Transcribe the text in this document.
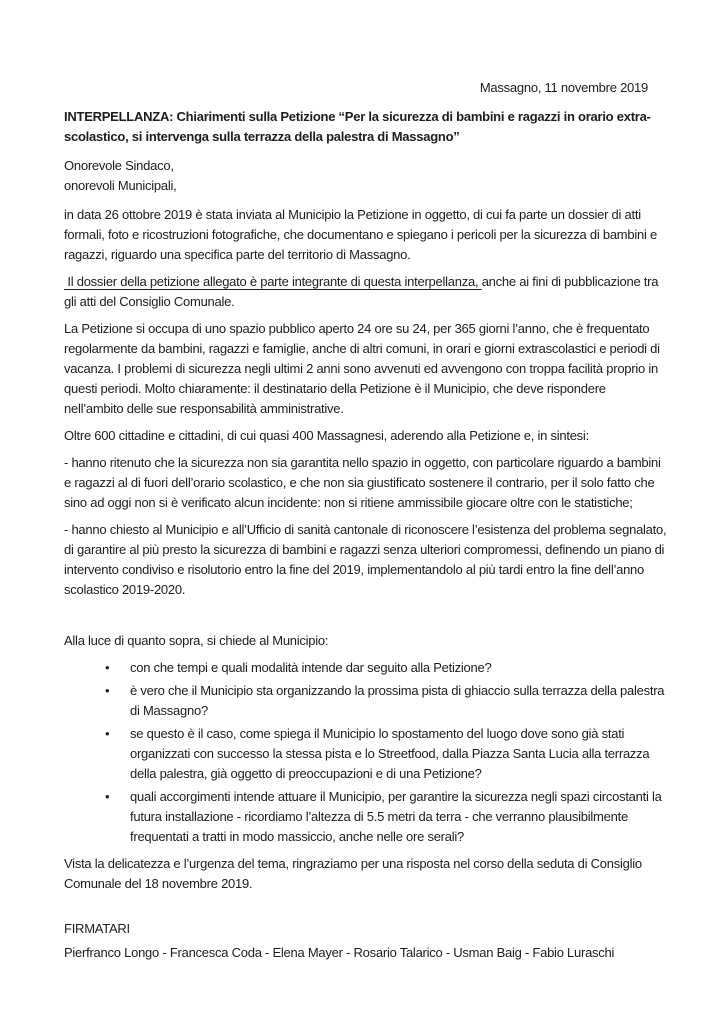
Massagno, 11 novembre 2019

INTERPELLANZA: Chiarimenti sulla Petizione “Per la sicurezza di bambini e ragazzi in orario extra-scolastico, si intervenga sulla terrazza della palestra di Massagno”

Onorevole Sindaco,

onorevoli Municipali,

in data 26 ottobre 2019 è stata inviata al Municipio la Petizione in oggetto, di cui fa parte un dossier di atti formali, foto e ricostruzioni fotografiche, che documentano e spiegano i pericoli per la sicurezza di bambini e ragazzi, riguardo una specifica parte del territorio di Massagno.

Il dossier della petizione allegato è parte integrante di questa interpellanza, anche ai fini di pubblicazione tra gli atti del Consiglio Comunale.

La Petizione si occupa di uno spazio pubblico aperto 24 ore su 24, per 365 giorni l’anno, che è frequentato regolarmente da bambini, ragazzi e famiglie, anche di altri comuni, in orari e giorni extrascolastici e periodi di vacanza. I problemi di sicurezza negli ultimi 2 anni sono avvenuti ed avvengono con troppa facilità proprio in questi periodi. Molto chiaramente: il destinatario della Petizione è il Municipio, che deve rispondere nell’ambito delle sue responsabilità amministrative.

Oltre 600 cittadine e cittadini, di cui quasi 400 Massagnesi, aderendo alla Petizione e, in sintesi:

- hanno ritenuto che la sicurezza non sia garantita nello spazio in oggetto, con particolare riguardo a bambini e ragazzi al di fuori dell’orario scolastico, e che non sia giustificato sostenere il contrario, per il solo fatto che sino ad oggi non si è verificato alcun incidente: non si ritiene ammissibile giocare oltre con le statistiche;

- hanno chiesto al Municipio e all’Ufficio di sanità cantonale di riconoscere l’esistenza del problema segnalato, di garantire al più presto la sicurezza di bambini e ragazzi senza ulteriori compromessi, definendo un piano di intervento condiviso e risolutorio entro la fine del 2019, implementandolo al più tardi entro la fine dell’anno scolastico 2019-2020.

Alla luce di quanto sopra, si chiede al Municipio:

• con che tempi e quali modalità intende dar seguito alla Petizione?
• è vero che il Municipio sta organizzando la prossima pista di ghiaccio sulla terrazza della palestra di Massagno?
• se questo è il caso, come spiega il Municipio lo spostamento del luogo dove sono già stati organizzati con successo la stessa pista e lo Streetfood, dalla Piazza Santa Lucia alla terrazza della palestra, già oggetto di preoccupazioni e di una Petizione?
• quali accorgimenti intende attuare il Municipio, per garantire la sicurezza negli spazi circostanti la futura installazione - ricordiamo l’altezza di 5.5 metri da terra - che verranno plausibilmente frequentati a tratti in modo massiccio, anche nelle ore serali?

Vista la delicatezza e l’urgenza del tema, ringraziamo per una risposta nel corso della seduta di Consiglio Comunale del 18 novembre 2019.

FIRMATARI

Pierfranco Longo - Francesca Coda - Elena Mayer - Rosario Talarico - Usman Baig - Fabio Luraschi
